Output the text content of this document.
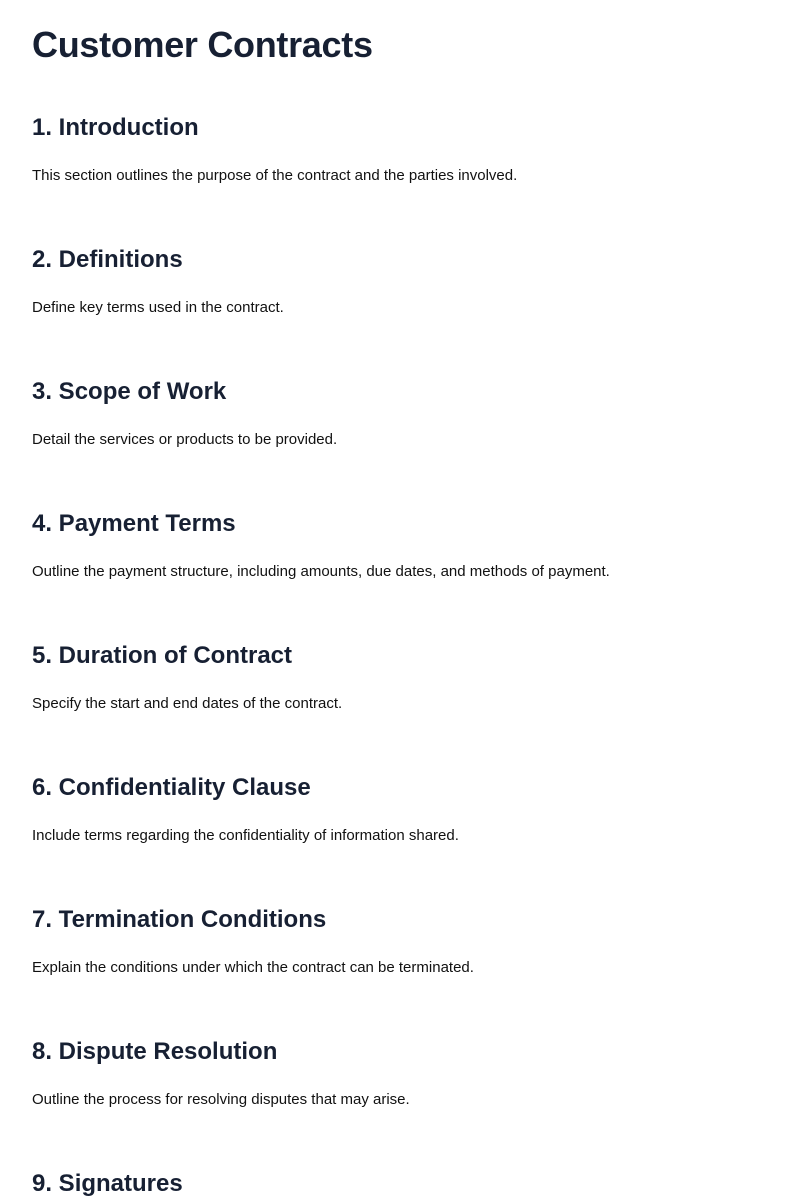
Customer Contracts
1. Introduction

This section outlines the purpose of the contract and the parties involved.

2. Definitions

Define key terms used in the contract.

3. Scope of Work

Detail the services or products to be provided.

4. Payment Terms

Outline the payment structure, including amounts, due dates, and methods of payment.

5. Duration of Contract

Specify the start and end dates of the contract.

6. Confidentiality Clause

Include terms regarding the confidentiality of information shared.

7. Termination Conditions

Explain the conditions under which the contract can be terminated.

8. Dispute Resolution

Outline the process for resolving disputes that may arise.

9. Signatures
